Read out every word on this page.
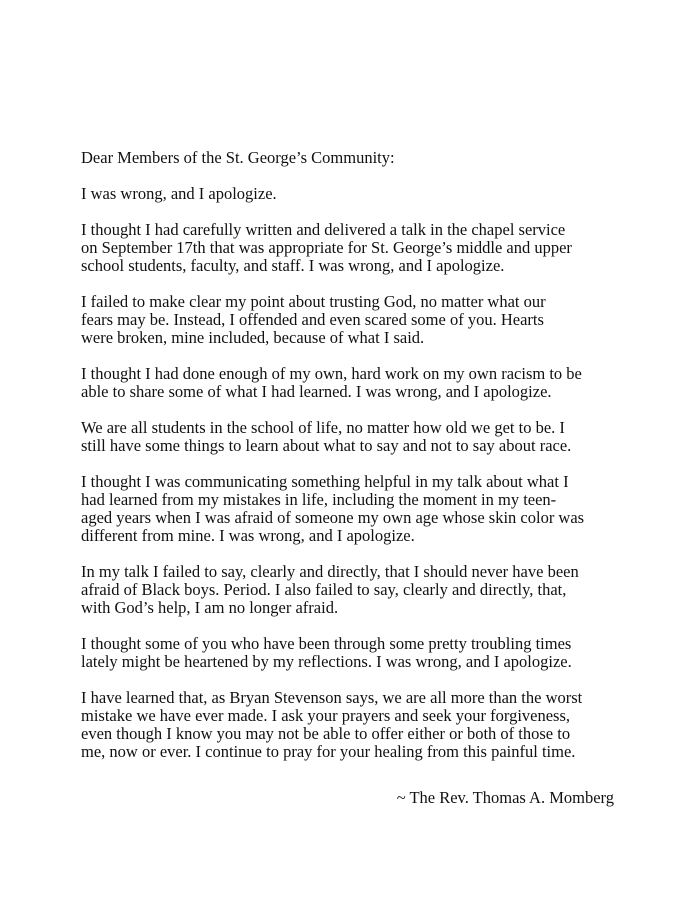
Dear Members of the St. George’s Community:
I was wrong, and I apologize.
I thought I had carefully written and delivered a talk in the chapel service
on September 17th that was appropriate for St. George’s middle and upper
school students, faculty, and staff. I was wrong, and I apologize.
I failed to make clear my point about trusting God, no matter what our
fears may be. Instead, I offended and even scared some of you. Hearts
were broken, mine included, because of what I said.
I thought I had done enough of my own, hard work on my own racism to be
able to share some of what I had learned. I was wrong, and I apologize.
We are all students in the school of life, no matter how old we get to be. I
still have some things to learn about what to say and not to say about race.
I thought I was communicating something helpful in my talk about what I
had learned from my mistakes in life, including the moment in my teen-
aged years when I was afraid of someone my own age whose skin color was
different from mine. I was wrong, and I apologize.
In my talk I failed to say, clearly and directly, that I should never have been
afraid of Black boys. Period. I also failed to say, clearly and directly, that,
with God’s help, I am no longer afraid.
I thought some of you who have been through some pretty troubling times
lately might be heartened by my reflections. I was wrong, and I apologize.
I have learned that, as Bryan Stevenson says, we are all more than the worst
mistake we have ever made. I ask your prayers and seek your forgiveness,
even though I know you may not be able to offer either or both of those to
me, now or ever. I continue to pray for your healing from this painful time.
~ The Rev. Thomas A. Momberg
